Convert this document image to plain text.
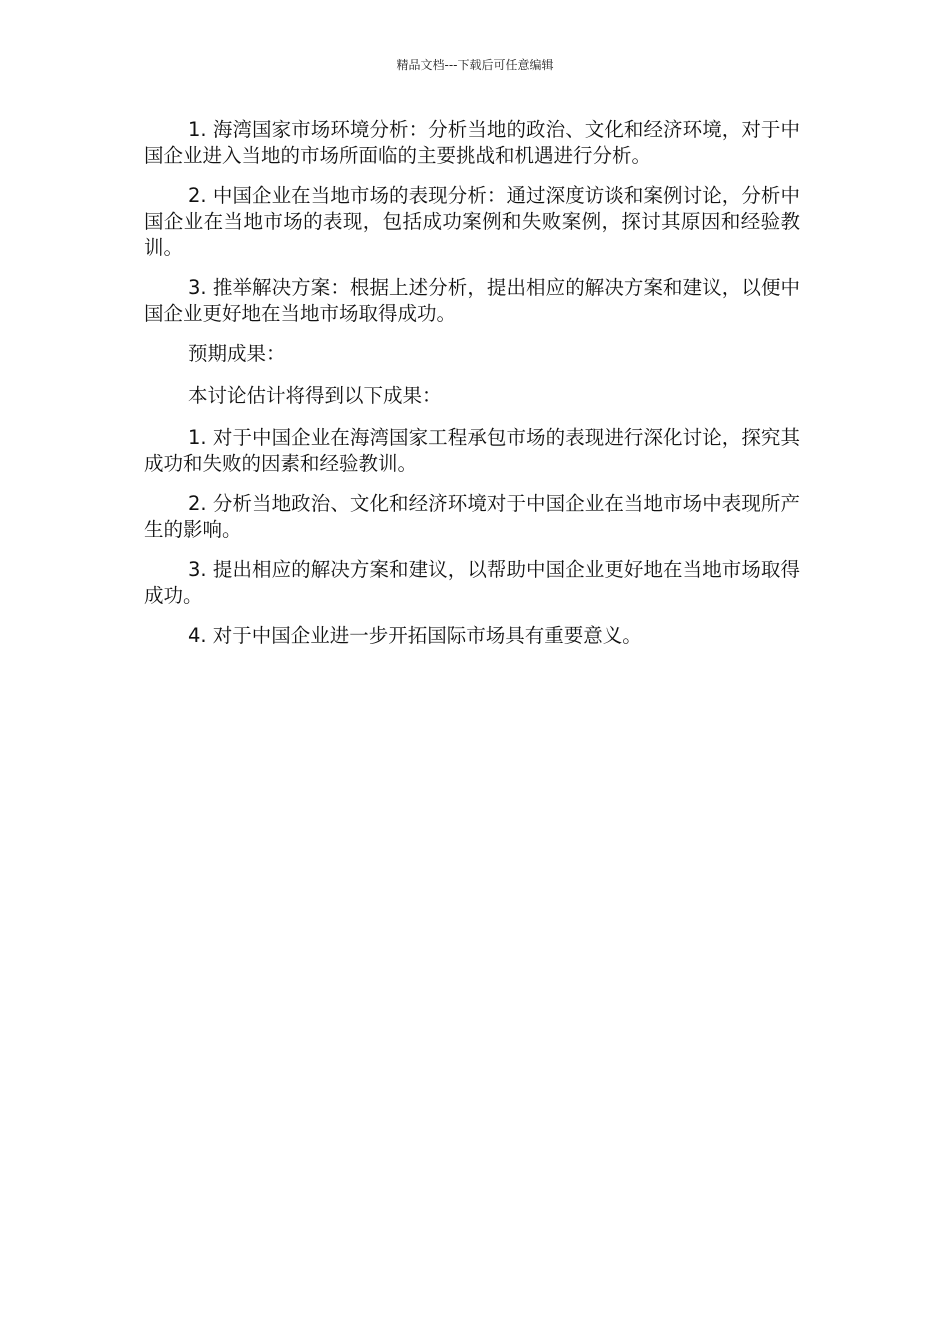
精品文档---下载后可任意编辑

1. 海湾国家市场环境分析：分析当地的政治、文化和经济环境，对于中国企业进入当地的市场所面临的主要挑战和机遇进行分析。

2. 中国企业在当地市场的表现分析：通过深度访谈和案例讨论，分析中国企业在当地市场的表现，包括成功案例和失败案例，探讨其原因和经验教训。

3. 推举解决方案：根据上述分析，提出相应的解决方案和建议，以便中国企业更好地在当地市场取得成功。

预期成果：

本讨论估计将得到以下成果：

1. 对于中国企业在海湾国家工程承包市场的表现进行深化讨论，探究其成功和失败的因素和经验教训。

2. 分析当地政治、文化和经济环境对于中国企业在当地市场中表现所产生的影响。

3. 提出相应的解决方案和建议，以帮助中国企业更好地在当地市场取得成功。

4. 对于中国企业进一步开拓国际市场具有重要意义。
